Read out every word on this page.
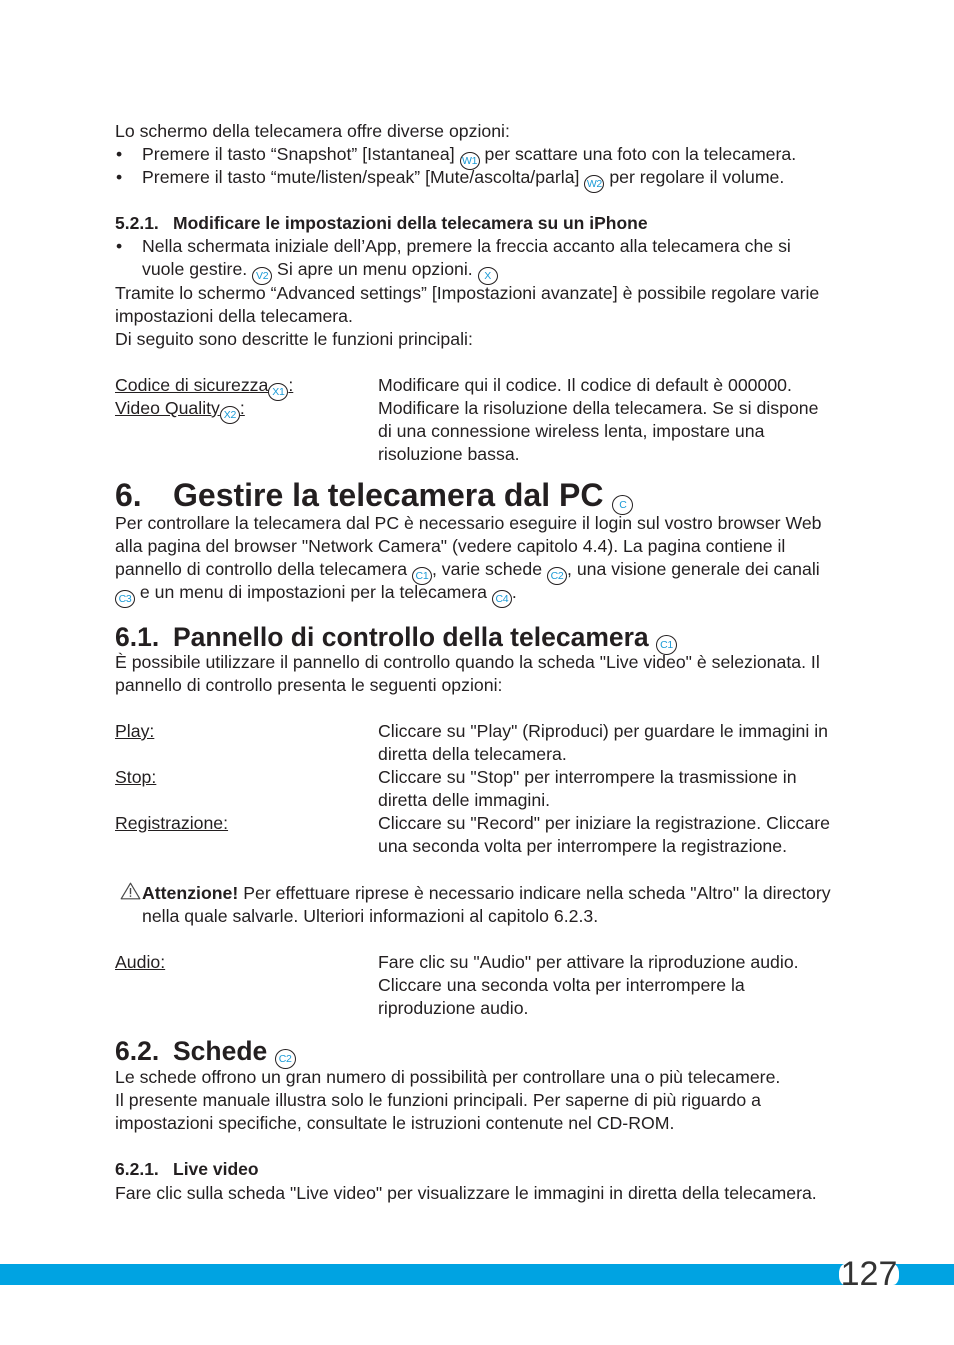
Lo schermo della telecamera offre diverse opzioni:
• Premere il tasto “Snapshot” [Istantanea] W1 per scattare una foto con la telecamera.
• Premere il tasto “mute/listen/speak” [Mute/ascolta/parla] W2 per regolare il volume.
5.2.1. Modificare le impostazioni della telecamera su un iPhone
• Nella schermata iniziale dell’App, premere la freccia accanto alla telecamera che si
vuole gestire. V2 Si apre un menu opzioni. X
Tramite lo schermo “Advanced settings” [Impostazioni avanzate] è possibile regolare varie
impostazioni della telecamera.
Di seguito sono descritte le funzioni principali:
Codice di sicurezza X1 :	Modificare qui il codice. Il codice di default è 000000.
Video Quality X2 :	Modificare la risoluzione della telecamera. Se si dispone
di una connessione wireless lenta, impostare una
risoluzione bassa.
6. Gestire la telecamera dal PC C
Per controllare la telecamera dal PC è necessario eseguire il login sul vostro browser Web
alla pagina del browser "Network Camera" (vedere capitolo 4.4). La pagina contiene il
pannello di controllo della telecamera C1 , varie schede C2 , una visione generale dei canali
C3 e un menu di impostazioni per la telecamera C4 .
6.1. Pannello di controllo della telecamera C1
È possibile utilizzare il pannello di controllo quando la scheda "Live video" è selezionata. Il
pannello di controllo presenta le seguenti opzioni:
Play:	Cliccare su "Play" (Riproduci) per guardare le immagini in
diretta della telecamera.
Stop:	Cliccare su "Stop" per interrompere la trasmissione in
diretta delle immagini.
Registrazione:	Cliccare su "Record" per iniziare la registrazione. Cliccare
una seconda volta per interrompere la registrazione.
Attenzione! Per effettuare riprese è necessario indicare nella scheda "Altro" la directory
nella quale salvarle. Ulteriori informazioni al capitolo 6.2.3.
Audio:	Fare clic su "Audio" per attivare la riproduzione audio.
Cliccare una seconda volta per interrompere la
riproduzione audio.
6.2. Schede C2
Le schede offrono un gran numero di possibilità per controllare una o più telecamere.
Il presente manuale illustra solo le funzioni principali. Per saperne di più riguardo a
impostazioni specifiche, consultate le istruzioni contenute nel CD-ROM.
6.2.1. Live video
Fare clic sulla scheda "Live video" per visualizzare le immagini in diretta della telecamera.
127
